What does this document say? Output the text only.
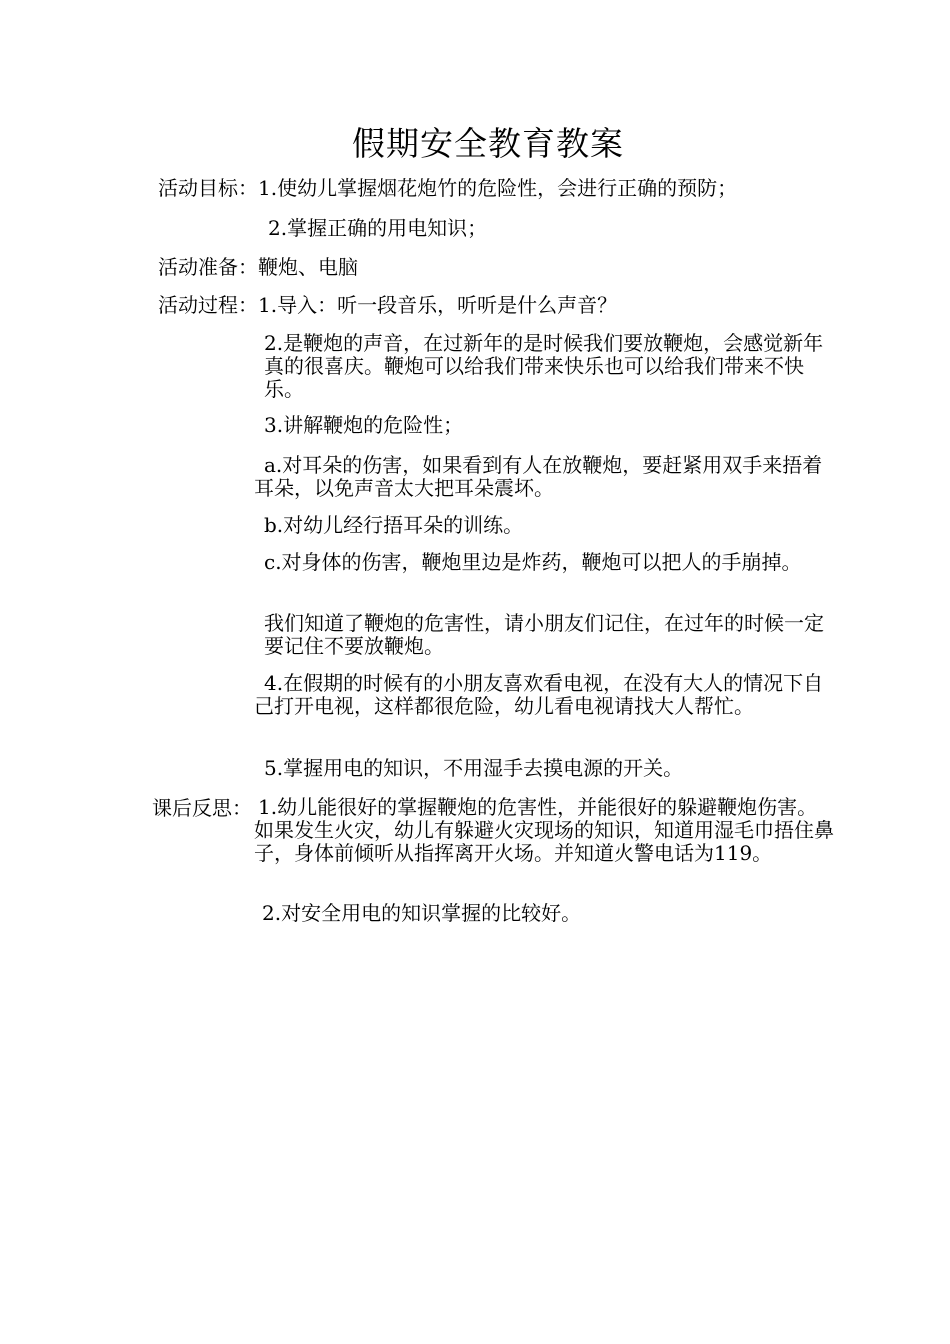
假期安全教育教案
活动目标：1.使幼儿掌握烟花炮竹的危险性，会进行正确的预防；
2.掌握正确的用电知识；
活动准备：鞭炮、电脑
活动过程：1.导入：听一段音乐，听听是什么声音？
2.是鞭炮的声音，在过新年的是时候我们要放鞭炮，会感觉新年真的很喜庆。鞭炮可以给我们带来快乐也可以给我们带来不快乐。
3.讲解鞭炮的危险性；
a.对耳朵的伤害，如果看到有人在放鞭炮，要赶紧用双手来捂着耳朵，以免声音太大把耳朵震坏。
b.对幼儿经行捂耳朵的训练。
c.对身体的伤害，鞭炮里边是炸药，鞭炮可以把人的手崩掉。
我们知道了鞭炮的危害性，请小朋友们记住，在过年的时候一定要记住不要放鞭炮。
4.在假期的时候有的小朋友喜欢看电视，在没有大人的情况下自己打开电视，这样都很危险，幼儿看电视请找大人帮忙。
5.掌握用电的知识，不用湿手去摸电源的开关。
课后反思： 1.幼儿能很好的掌握鞭炮的危害性，并能很好的躲避鞭炮伤害。如果发生火灾，幼儿有躲避火灾现场的知识，知道用湿毛巾捂住鼻子，身体前倾听从指挥离开火场。并知道火警电话为119。
2.对安全用电的知识掌握的比较好。
